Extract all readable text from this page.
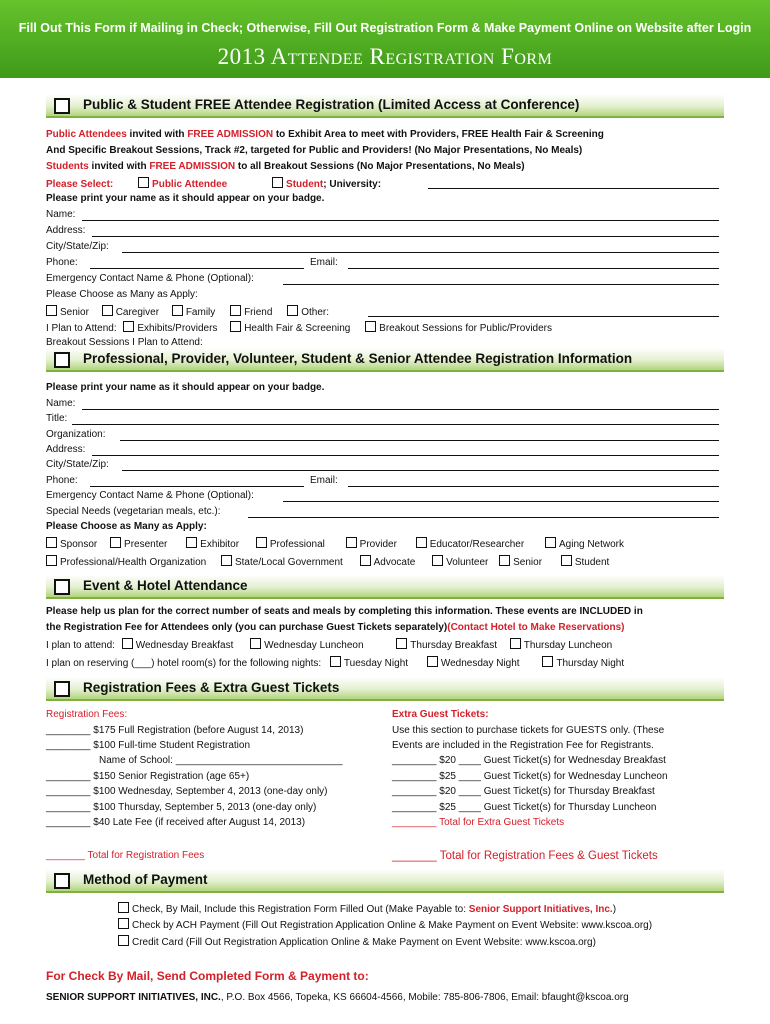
Fill Out This Form if Mailing in Check; Otherwise, Fill Out Registration Form & Make Payment Online on Website after Login
2013 Attendee Registration Form
Public & Student FREE Attendee Registration (Limited Access at Conference)
Public Attendees invited with FREE ADMISSION to Exhibit Area to meet with Providers, FREE Health Fair & Screening
And Specific Breakout Sessions, Track #2, targeted for Public and Providers! (No Major Presentations, No Meals)
Students invited with FREE ADMISSION to all Breakout Sessions (No Major Presentations, No Meals)
Please Select:	Public Attendee	Student; University:
Please print your name as it should appear on your badge.
Name:
Address:
City/State/Zip:
Phone:	Email:
Emergency Contact Name & Phone (Optional):
Please Choose as Many as Apply:
Senior	Caregiver	Family	Friend	Other:
I Plan to Attend: Exhibits/Providers	Health Fair & Screening	Breakout Sessions for Public/Providers
Breakout Sessions I Plan to Attend:
Professional, Provider, Volunteer, Student & Senior Attendee Registration Information
Please print your name as it should appear on your badge.
Name:
Title:
Organization:
Address:
City/State/Zip:
Phone:	Email:
Emergency Contact Name & Phone (Optional):
Special Needs (vegetarian meals, etc.):
Please Choose as Many as Apply:
Sponsor	Presenter	Exhibitor	Professional	Provider	Educator/Researcher	Aging Network
Professional/Health Organization	State/Local Government	Advocate	Volunteer Senior	Student
Event & Hotel Attendance
Please help us plan for the correct number of seats and meals by completing this information. These events are INCLUDED in
the Registration Fee for Attendees only (you can purchase Guest Tickets separately)(Contact Hotel to Make Reservations)
I plan to attend: Wednesday Breakfast	Wednesday Luncheon	Thursday Breakfast	Thursday Luncheon
I plan on reserving (___) hotel room(s) for the following nights: Tuesday Night	Wednesday Night	Thursday Night
Registration Fees & Extra Guest Tickets
Registration Fees:
________ $175 Full Registration (before August 14, 2013)
________ $100 Full-time Student Registration
Name of School: ______________________________
________ $150 Senior Registration (age 65+)
________ $100 Wednesday, September 4, 2013 (one-day only)
________ $100 Thursday, September 5, 2013 (one-day only)
________ $40 Late Fee (if received after August 14, 2013)
_______ Total for Registration Fees
Extra Guest Tickets:
Use this section to purchase tickets for GUESTS only. (These
Events are included in the Registration Fee for Registrants.
________ $20 ____ Guest Ticket(s) for Wednesday Breakfast
________ $25 ____ Guest Ticket(s) for Wednesday Luncheon
________ $20 ____ Guest Ticket(s) for Thursday Breakfast
________ $25 ____ Guest Ticket(s) for Thursday Luncheon
________ Total for Extra Guest Tickets
_______ Total for Registration Fees & Guest Tickets
Method of Payment
Check, By Mail, Include this Registration Form Filled Out (Make Payable to: Senior Support Initiatives, Inc.)
Check by ACH Payment (Fill Out Registration Application Online & Make Payment on Event Website: www.kscoa.org)
Credit Card (Fill Out Registration Application Online & Make Payment on Event Website: www.kscoa.org)
For Check By Mail, Send Completed Form & Payment to:
SENIOR SUPPORT INITIATIVES, INC., P.O. Box 4566, Topeka, KS 66604-4566, Mobile: 785-806-7806, Email: bfaught@kscoa.org
